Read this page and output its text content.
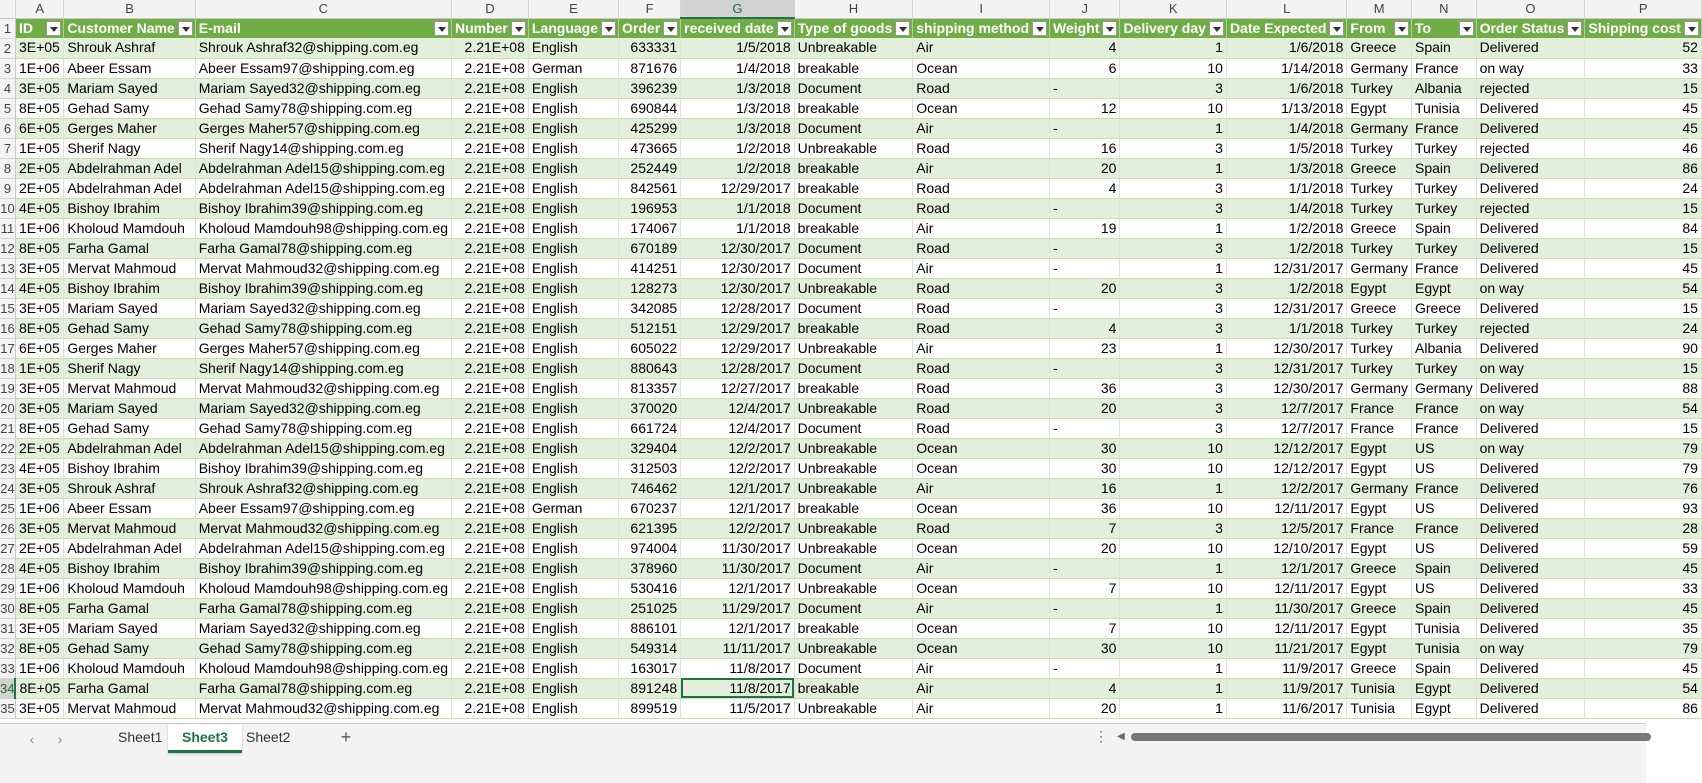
	A	B	C	D	E	F	G	H	I	J	K	L	M	N	O	P
1	ID	Customer Name	E-mail	Number	Language	Order	received date	Type of goods	shipping method	Weight	Delivery day	Date Expected	From	To	Order Status	Shipping cost

2	3E+05	Shrouk Ashraf	Shrouk Ashraf32@shipping.com.eg	2.21E+08	English	633331	1/5/2018	Unbreakable	Air	4	1	1/6/2018	Greece	Spain	Delivered	52
3	1E+06	Abeer Essam	Abeer Essam97@shipping.com.eg	2.21E+08	German	871676	1/4/2018	breakable	Ocean	6	10	1/14/2018	Germany	France	on way	33
4	3E+05	Mariam Sayed	Mariam Sayed32@shipping.com.eg	2.21E+08	English	396239	1/3/2018	Document	Road	-	3	1/6/2018	Turkey	Albania	rejected	15
5	8E+05	Gehad Samy	Gehad Samy78@shipping.com.eg	2.21E+08	English	690844	1/3/2018	breakable	Ocean	12	10	1/13/2018	Egypt	Tunisia	Delivered	45
6	6E+05	Gerges Maher	Gerges Maher57@shipping.com.eg	2.21E+08	English	425299	1/3/2018	Document	Air	-	1	1/4/2018	Germany	France	Delivered	45
7	1E+05	Sherif Nagy	Sherif Nagy14@shipping.com.eg	2.21E+08	English	473665	1/2/2018	Unbreakable	Road	16	3	1/5/2018	Turkey	Turkey	rejected	46
8	2E+05	Abdelrahman Adel	Abdelrahman Adel15@shipping.com.eg	2.21E+08	English	252449	1/2/2018	breakable	Air	20	1	1/3/2018	Greece	Spain	Delivered	86
9	2E+05	Abdelrahman Adel	Abdelrahman Adel15@shipping.com.eg	2.21E+08	English	842561	12/29/2017	breakable	Road	4	3	1/1/2018	Turkey	Turkey	Delivered	24
10	4E+05	Bishoy Ibrahim	Bishoy Ibrahim39@shipping.com.eg	2.21E+08	English	196953	1/1/2018	Document	Road	-	3	1/4/2018	Turkey	Turkey	rejected	15
11	1E+06	Kholoud Mamdouh	Kholoud Mamdouh98@shipping.com.eg	2.21E+08	English	174067	1/1/2018	breakable	Air	19	1	1/2/2018	Greece	Spain	Delivered	84
12	8E+05	Farha Gamal	Farha Gamal78@shipping.com.eg	2.21E+08	English	670189	12/30/2017	Document	Road	-	3	1/2/2018	Turkey	Turkey	Delivered	15
13	3E+05	Mervat Mahmoud	Mervat Mahmoud32@shipping.com.eg	2.21E+08	English	414251	12/30/2017	Document	Air	-	1	12/31/2017	Germany	France	Delivered	45
14	4E+05	Bishoy Ibrahim	Bishoy Ibrahim39@shipping.com.eg	2.21E+08	English	128273	12/30/2017	Unbreakable	Road	20	3	1/2/2018	Egypt	Egypt	on way	54
15	3E+05	Mariam Sayed	Mariam Sayed32@shipping.com.eg	2.21E+08	English	342085	12/28/2017	Document	Road	-	3	12/31/2017	Greece	Greece	Delivered	15
16	8E+05	Gehad Samy	Gehad Samy78@shipping.com.eg	2.21E+08	English	512151	12/29/2017	breakable	Road	4	3	1/1/2018	Turkey	Turkey	rejected	24
17	6E+05	Gerges Maher	Gerges Maher57@shipping.com.eg	2.21E+08	English	605022	12/29/2017	Unbreakable	Air	23	1	12/30/2017	Turkey	Albania	Delivered	90
18	1E+05	Sherif Nagy	Sherif Nagy14@shipping.com.eg	2.21E+08	English	880643	12/28/2017	Document	Road	-	3	12/31/2017	Turkey	Turkey	on way	15
19	3E+05	Mervat Mahmoud	Mervat Mahmoud32@shipping.com.eg	2.21E+08	English	813357	12/27/2017	breakable	Road	36	3	12/30/2017	Germany	Germany	Delivered	88
20	3E+05	Mariam Sayed	Mariam Sayed32@shipping.com.eg	2.21E+08	English	370020	12/4/2017	Unbreakable	Road	20	3	12/7/2017	France	France	on way	54
21	8E+05	Gehad Samy	Gehad Samy78@shipping.com.eg	2.21E+08	English	661724	12/4/2017	Document	Road	-	3	12/7/2017	France	France	Delivered	15
22	2E+05	Abdelrahman Adel	Abdelrahman Adel15@shipping.com.eg	2.21E+08	English	329404	12/2/2017	Unbreakable	Ocean	30	10	12/12/2017	Egypt	US	on way	79
23	4E+05	Bishoy Ibrahim	Bishoy Ibrahim39@shipping.com.eg	2.21E+08	English	312503	12/2/2017	Unbreakable	Ocean	30	10	12/12/2017	Egypt	US	Delivered	79
24	3E+05	Shrouk Ashraf	Shrouk Ashraf32@shipping.com.eg	2.21E+08	English	746462	12/1/2017	Unbreakable	Air	16	1	12/2/2017	Germany	France	Delivered	76
25	1E+06	Abeer Essam	Abeer Essam97@shipping.com.eg	2.21E+08	German	670237	12/1/2017	breakable	Ocean	36	10	12/11/2017	Egypt	US	Delivered	93
26	3E+05	Mervat Mahmoud	Mervat Mahmoud32@shipping.com.eg	2.21E+08	English	621395	12/2/2017	Unbreakable	Road	7	3	12/5/2017	France	France	Delivered	28
27	2E+05	Abdelrahman Adel	Abdelrahman Adel15@shipping.com.eg	2.21E+08	English	974004	11/30/2017	Unbreakable	Ocean	20	10	12/10/2017	Egypt	US	Delivered	59
28	4E+05	Bishoy Ibrahim	Bishoy Ibrahim39@shipping.com.eg	2.21E+08	English	378960	11/30/2017	Document	Air	-	1	12/1/2017	Greece	Spain	Delivered	45
29	1E+06	Kholoud Mamdouh	Kholoud Mamdouh98@shipping.com.eg	2.21E+08	English	530416	12/1/2017	Unbreakable	Ocean	7	10	12/11/2017	Egypt	US	Delivered	33
30	8E+05	Farha Gamal	Farha Gamal78@shipping.com.eg	2.21E+08	English	251025	11/29/2017	Document	Air	-	1	11/30/2017	Greece	Spain	Delivered	45
31	3E+05	Mariam Sayed	Mariam Sayed32@shipping.com.eg	2.21E+08	English	886101	12/1/2017	breakable	Ocean	7	10	12/11/2017	Egypt	Tunisia	Delivered	35
32	8E+05	Gehad Samy	Gehad Samy78@shipping.com.eg	2.21E+08	English	549314	11/11/2017	Unbreakable	Ocean	30	10	11/21/2017	Egypt	Tunisia	on way	79
33	1E+06	Kholoud Mamdouh	Kholoud Mamdouh98@shipping.com.eg	2.21E+08	English	163017	11/8/2017	Document	Air	-	1	11/9/2017	Greece	Spain	Delivered	45
34	8E+05	Farha Gamal	Farha Gamal78@shipping.com.eg	2.21E+08	English	891248	11/8/2017	breakable	Air	4	1	11/9/2017	Tunisia	Egypt	Delivered	54
35	3E+05	Mervat Mahmoud	Mervat Mahmoud32@shipping.com.eg	2.21E+08	English	899519	11/5/2017	Unbreakable	Air	20	1	11/6/2017	Tunisia	Egypt	Delivered	86
‹	›	Sheet1	Sheet3	Sheet2	+	⋮ ◀
